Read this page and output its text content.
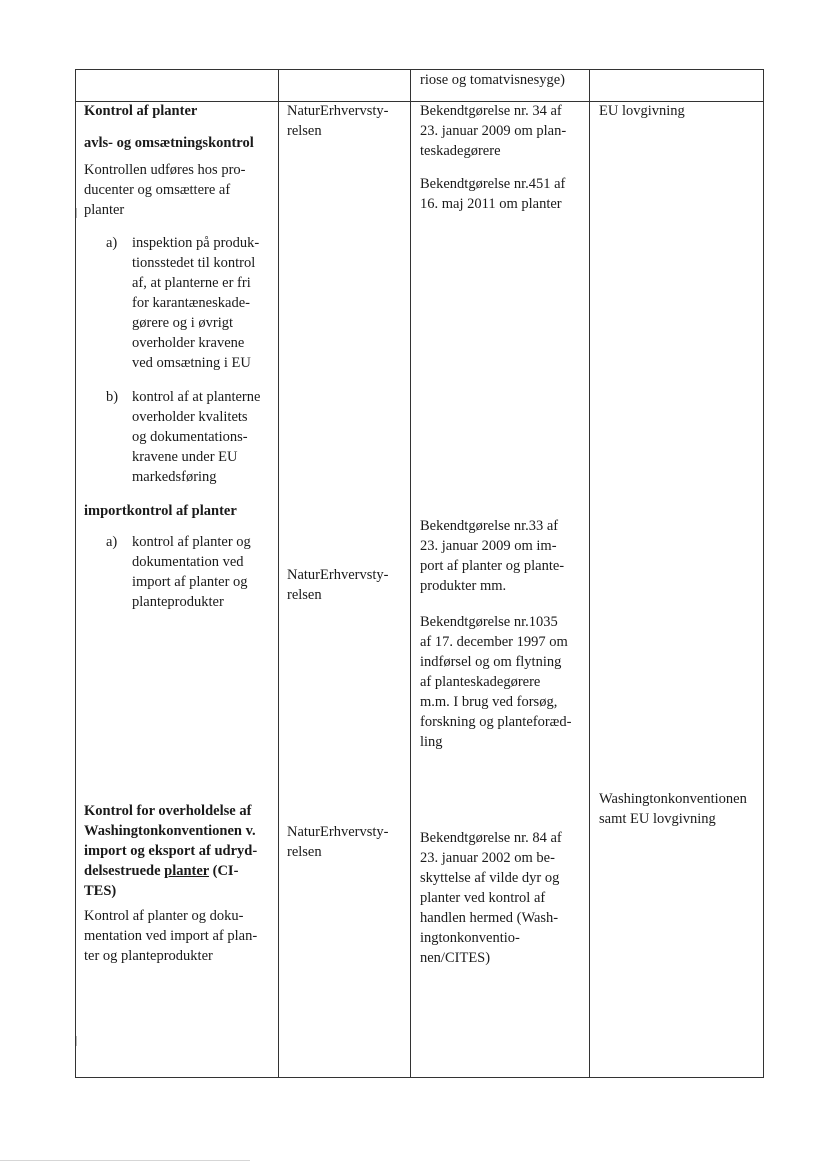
riose og tomatvisnesyge)
Kontrol af planter
avls- og omsætningskontrol
Kontrollen udføres hos pro-
ducenter og omsættere af
planter
a) inspektion på produk-
tionsstedet til kontrol
af, at planterne er fri
for karantæneskade-
gørere og i øvrigt
overholder kravene
ved omsætning i EU
b) kontrol af at planterne
overholder kvalitets
og dokumentations-
kravene under EU
markedsføring
NaturErhvervsty-
relsen
Bekendtgørelse nr. 34 af
23. januar 2009 om plan-
teskadegørere
Bekendtgørelse nr.451 af
16. maj 2011 om planter
EU lovgivning
importkontrol af planter
a) kontrol af planter og
dokumentation ved
import af planter og
planteprodukter
NaturErhvervsty-
relsen
Bekendtgørelse nr.33 af
23. januar 2009 om im-
port af planter og plante-
produkter mm.
Bekendtgørelse nr.1035
af 17. december 1997 om
indførsel og om flytning
af planteskadegørere
m.m. I brug ved forsøg,
forskning og planteforæd-
ling
Kontrol for overholdelse af
Washingtonkonventionen v.
import og eksport af udryd-
delsestruede planter (CI-
TES)
Kontrol af planter og doku-
mentation ved import af plan-
ter og planteprodukter
NaturErhvervsty-
relsen
Bekendtgørelse nr. 84 af
23. januar 2002 om be-
skyttelse af vilde dyr og
planter ved kontrol af
handlen hermed (Wash-
ingtonkonventio-
nen/CITES)
Washingtonkonventionen
samt EU lovgivning
